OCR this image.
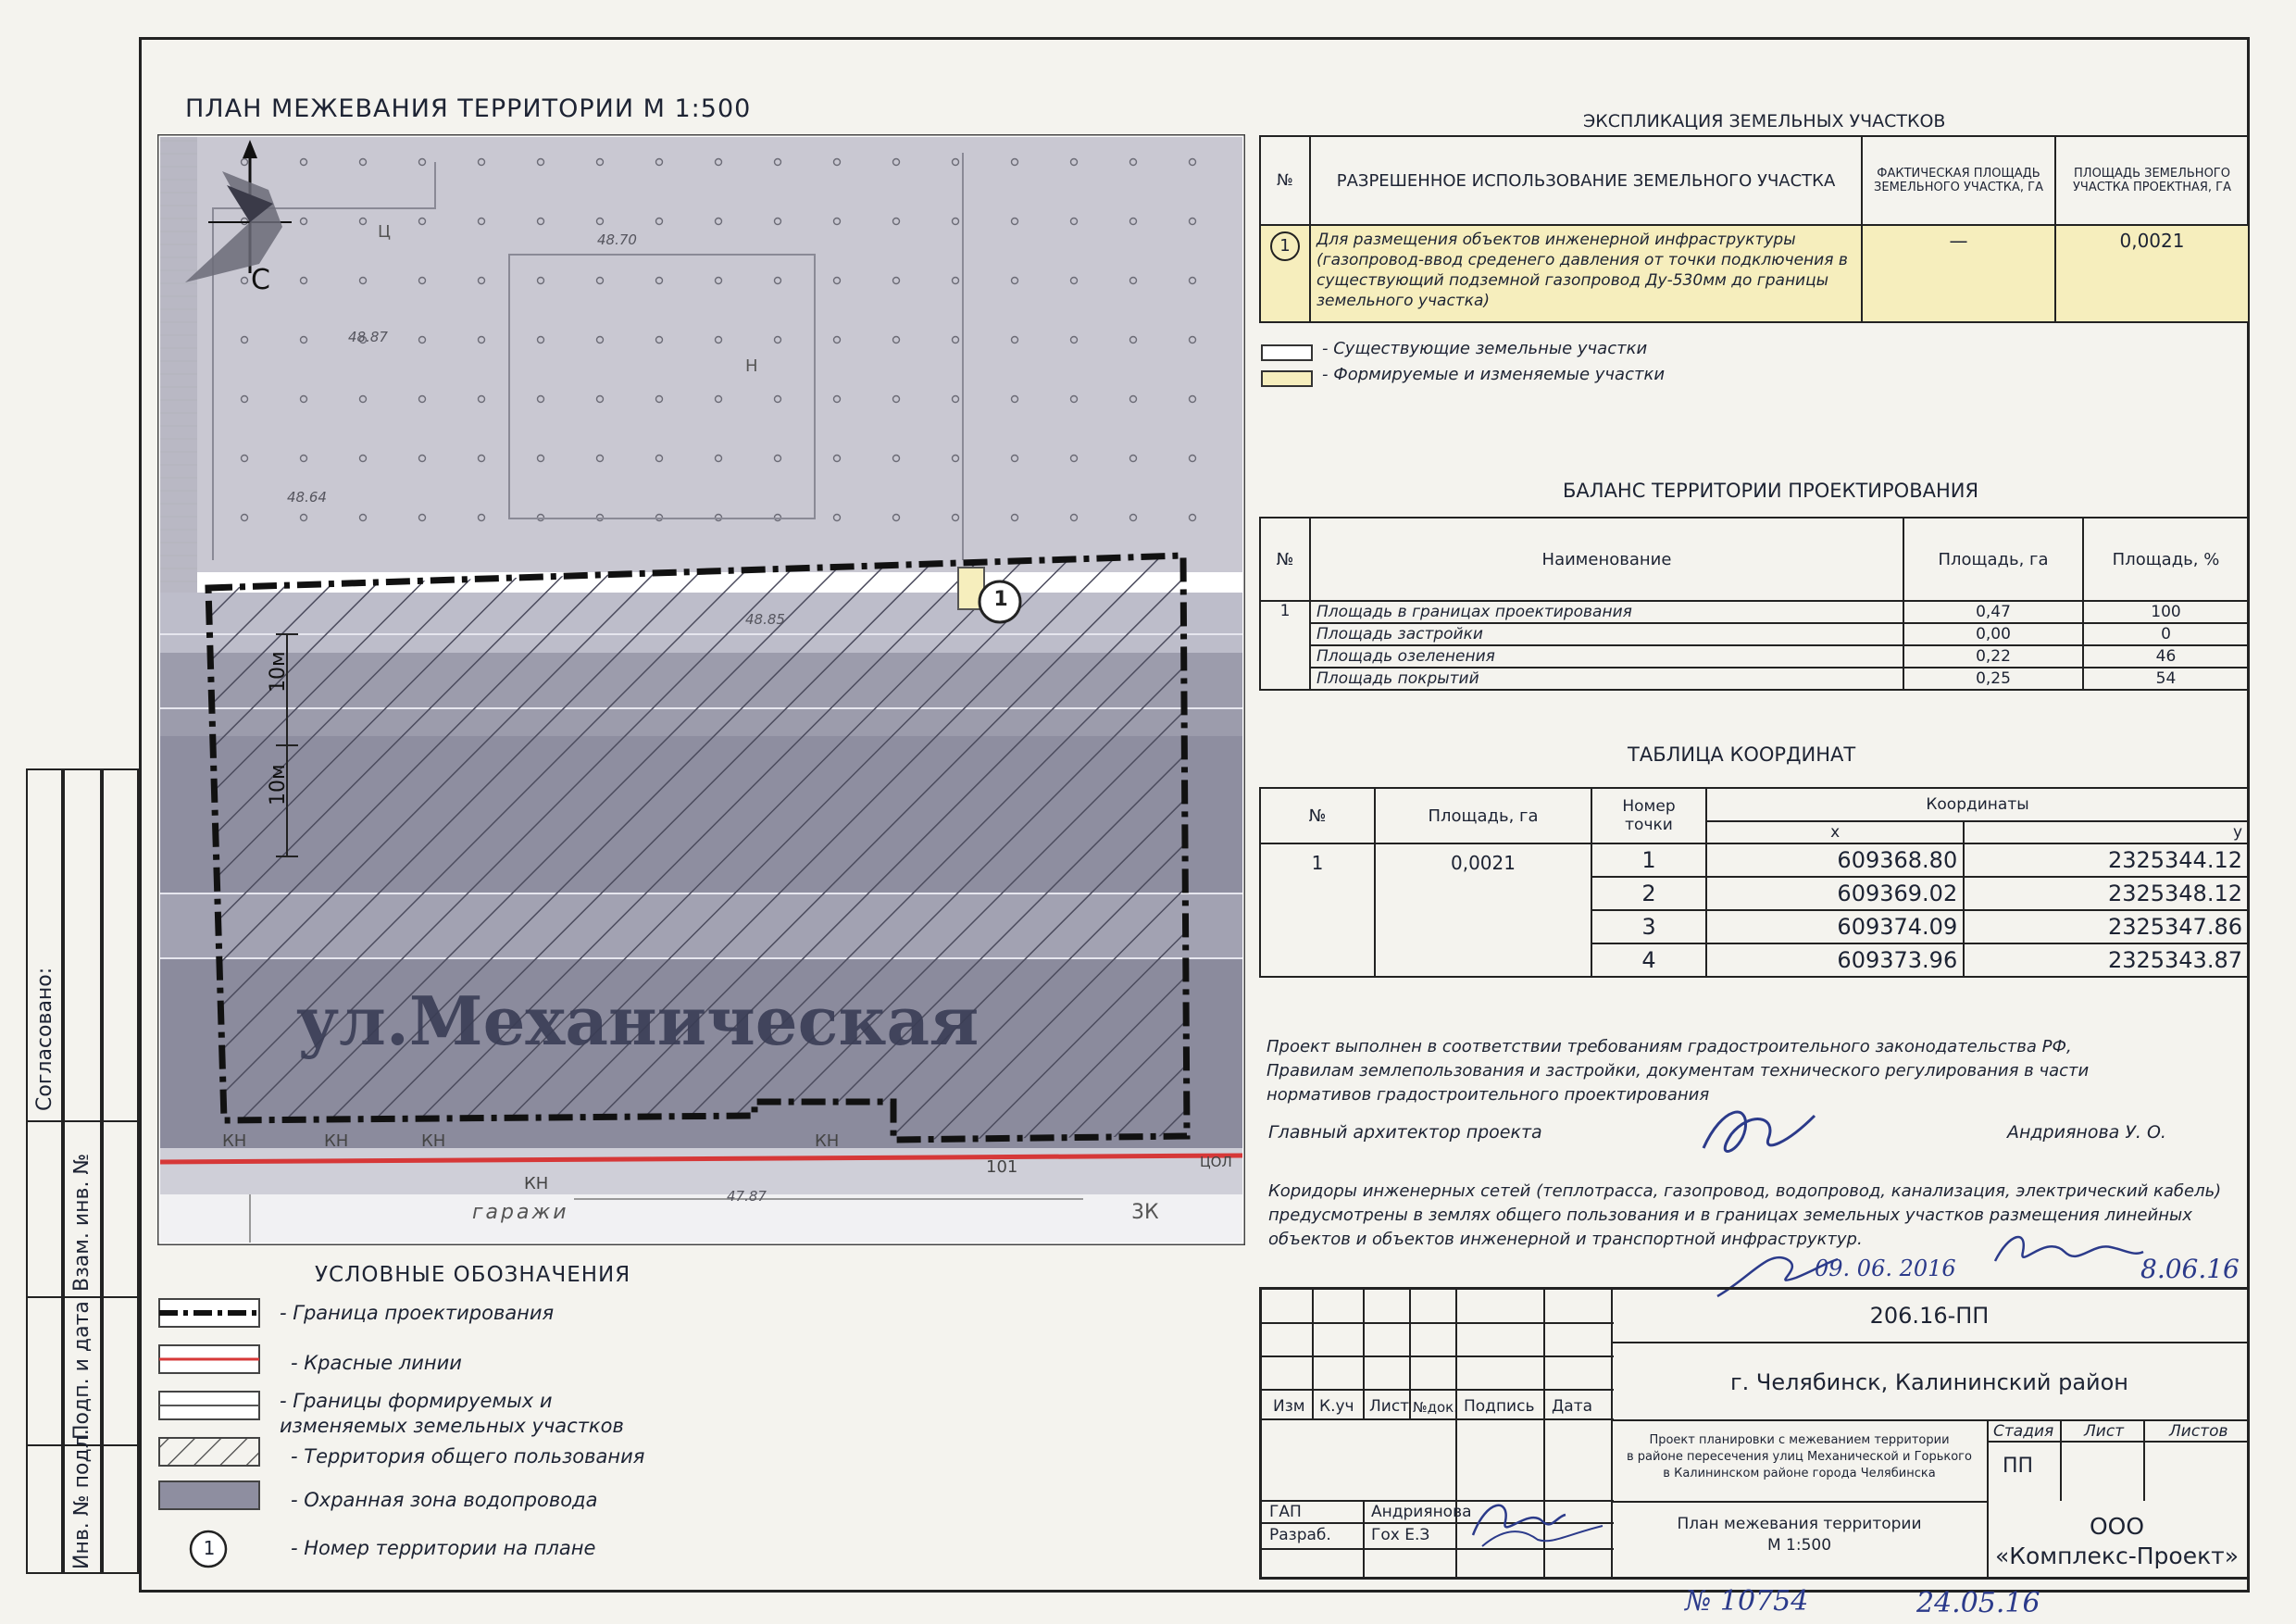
Согласовано:
Взам. инв. №
Подп. и дата
Инв. № подл.
ПЛАН МЕЖЕВАНИЯ ТЕРРИТОРИИ М 1:500
С
1
10м
10м
ул.Механическая
48.87
48.70
48.64
48.85
47.87
Ц
Н
КН	КН	КН	КН
КН
гаражи	3К
101	ЦОЛ
УСЛОВНЫЕ ОБОЗНАЧЕНИЯ
1
- Граница проектирования
- Красные линии
- Границы формируемых и изменяемых земельных участков
- Территория общего пользования
- Охранная зона водопровода
- Номер территории на плане
ЭКСПЛИКАЦИЯ ЗЕМЕЛЬНЫХ УЧАСТКОВ
№	РАЗРЕШЕННОЕ ИСПОЛЬЗОВАНИЕ ЗЕМЕЛЬНОГО УЧАСТКА	ФАКТИЧЕСКАЯ ПЛОЩАДЬ ЗЕМЕЛЬНОГО УЧАСТКА, ГА	ПЛОЩАДЬ ЗЕМЕЛЬНОГО УЧАСТКА ПРОЕКТНАЯ, ГА
1	Для размещения объектов инженерной инфраструктуры (газопровод-ввод среденего давления от точки подключения в существующий подземной газопровод Ду-530мм до границы земельного участка)	—	0,0021
- Существующие земельные участки
- Формируемые и изменяемые участки
БАЛАНС ТЕРРИТОРИИ ПРОЕКТИРОВАНИЯ
№	Наименование	Площадь, га	Площадь, %
1	Площадь в границах проектирования	0,47	100
	Площадь застройки	0,00	0
	Площадь озеленения	0,22	46
	Площадь покрытий	0,25	54
ТАБЛИЦА КООРДИНАТ
№	Площадь, га	Номер точки	Координаты	
			x	y
1	0,0021	1	609368.80	2325344.12
		2	609369.02	2325348.12
		3	609374.09	2325347.86
		4	609373.96	2325343.87
Проект выполнен в соответствии требованиям градостроительного законодательства РФ,
Правилам землепользования и застройки, документам технического регулирования в части
нормативов градостроительного проектирования
Главный архитектор проекта	Андриянова У. О.
Коридоры инженерных сетей (теплотрасса, газопровод, водопровод, канализация, электрический кабель)
предусмотрены в землях общего пользования и в границах земельных участков размещения линейных
объектов и объектов инженерной и транспортной инфраструктур.
09. 06. 2016	8.06.16
Изм К.уч Лист №док. Подпись Дата
ГАП	Андриянова
Разраб.	Гох Е.З
206.16-ПП
г. Челябинск, Калининский район
Проект планировки с межеванием территории
в районе пересечения улиц Механической и Горького
в Калининском районе города Челябинска
Стадия Лист	Листов
ПП
План межевания территории
М 1:500
ООО
«Комплекс-Проект»
№ 10754	24.05.16
